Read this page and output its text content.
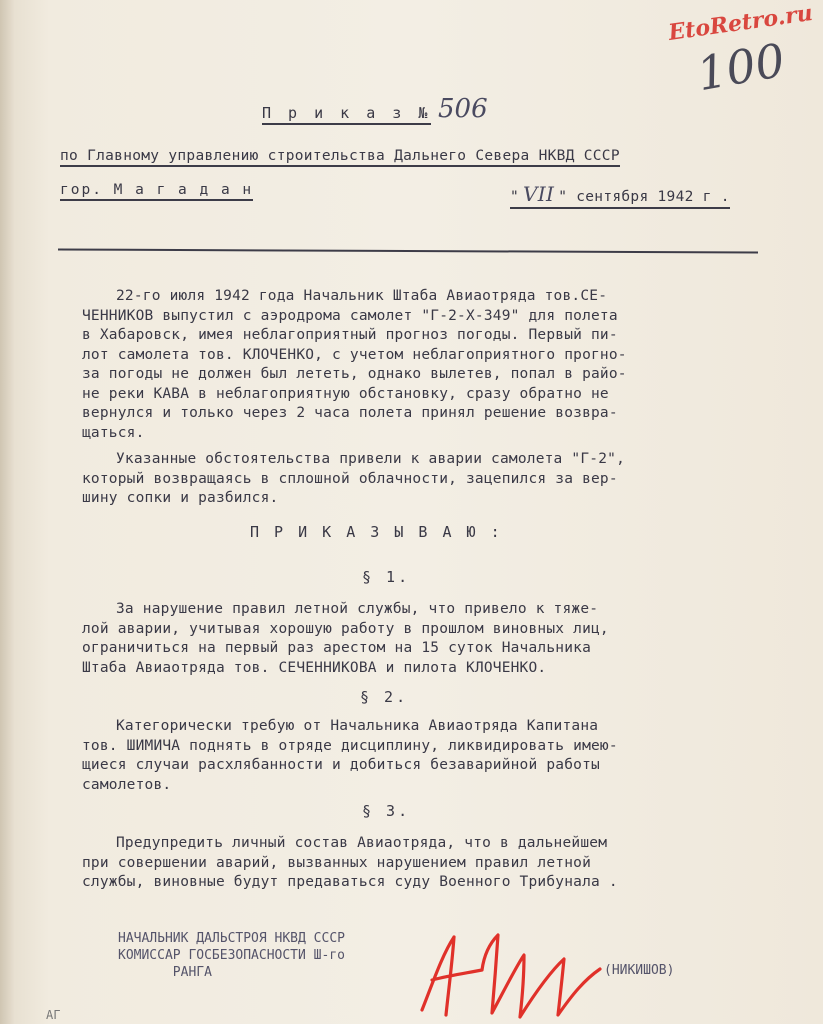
EtoRetro.ru
100
П р и к а з № 506
по Главному управлению строительства Дальнего Севера НКВД СССР
гор. М а г а д а н	" VII " сентября 1942 г .
22-го июля 1942 года Начальник Штаба Авиаотряда тов.СЕ-
ЧЕННИКОВ выпустил с аэродрома самолет "Г-2-Х-349" для полета
в Хабаровск, имея неблагоприятный прогноз погоды. Первый пи-
лот самолета тов. КЛОЧЕНКО, с учетом неблагоприятного прогно-
за погоды не должен был лететь, однако вылетев, попал в райо-
не реки КАВА в неблагоприятную обстановку, сразу обратно не
вернулся и только через 2 часа полета принял решение возвра-
щаться.
Указанные обстоятельства привели к аварии самолета "Г-2",
который возвращаясь в сплошной облачности, зацепился за вер-
шину сопки и разбился.
П Р И К А З Ы В А Ю :
§ 1.
За нарушение правил летной службы, что привело к тяже-
лой аварии, учитывая хорошую работу в прошлом виновных лиц,
ограничиться на первый раз арестом на 15 суток Начальника
Штаба Авиаотряда тов. СЕЧЕННИКОВА и пилота КЛОЧЕНКО.
§ 2.
Категорически требую от Начальника Авиаотряда Капитана
тов. ШИМИЧА поднять в отряде дисциплину, ликвидировать имею-
щиеся случаи расхлябанности и добиться безаварийной работы
самолетов.
§ 3.
Предупредить личный состав Авиаотряда, что в дальнейшем
при совершении аварий, вызванных нарушением правил летной
службы, виновные будут предаваться суду Военного Трибунала .
НАЧАЛЬНИК ДАЛЬСТРОЯ НКВД СССР
КОМИССАР ГОСБЕЗОПАСНОСТИ Ш-го
РАНГА	(НИКИШОВ)
АГ
